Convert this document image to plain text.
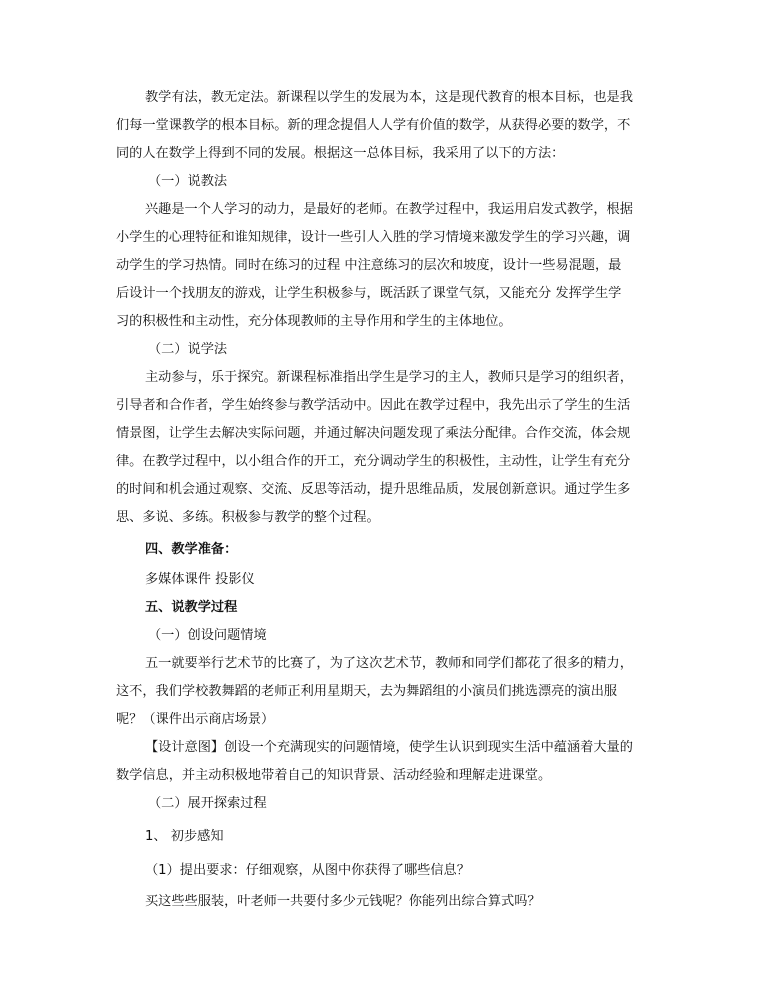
教学有法，教无定法。新课程以学生的发展为本，这是现代教育的根本目标，也是我
们每一堂课教学的根本目标。新的理念提倡人人学有价值的数学，从获得必要的数学，不
同的人在数学上得到不同的发展。根据这一总体目标，我采用了以下的方法：
（一）说教法
兴趣是一个人学习的动力，是最好的老师。在教学过程中，我运用启发式教学，根据
小学生的心理特征和谁知规律，设计一些引人入胜的学习情境来激发学生的学习兴趣，调
动学生的学习热情。同时在练习的过程 中注意练习的层次和坡度，设计一些易混题，最
后设计一个找朋友的游戏，让学生积极参与，既活跃了课堂气氛，又能充分 发挥学生学
习的积极性和主动性，充分体现教师的主导作用和学生的主体地位。
（二）说学法
主动参与，乐于探究。新课程标准指出学生是学习的主人，教师只是学习的组织者，
引导者和合作者，学生始终参与教学活动中。因此在教学过程中，我先出示了学生的生活
情景图，让学生去解决实际问题，并通过解决问题发现了乘法分配律。合作交流，体会规
律。在教学过程中，以小组合作的开工，充分调动学生的积极性，主动性，让学生有充分
的时间和机会通过观察、交流、反思等活动，提升思维品质，发展创新意识。通过学生多
思、多说、多练。积极参与教学的整个过程。
四、教学准备：
多媒体课件 投影仪
五、说教学过程
（一）创设问题情境
五一就要举行艺术节的比赛了，为了这次艺术节，教师和同学们都花了很多的精力，
这不，我们学校教舞蹈的老师正利用星期天，去为舞蹈组的小演员们挑选漂亮的演出服
呢？（课件出示商店场景）
【设计意图】创设一个充满现实的问题情境，使学生认识到现实生活中蕴涵着大量的
数学信息，并主动积极地带着自己的知识背景、活动经验和理解走进课堂。
（二）展开探索过程
1、 初步感知
（1）提出要求：仔细观察，从图中你获得了哪些信息？
买这些些服装，叶老师一共要付多少元钱呢？你能列出综合算式吗？
